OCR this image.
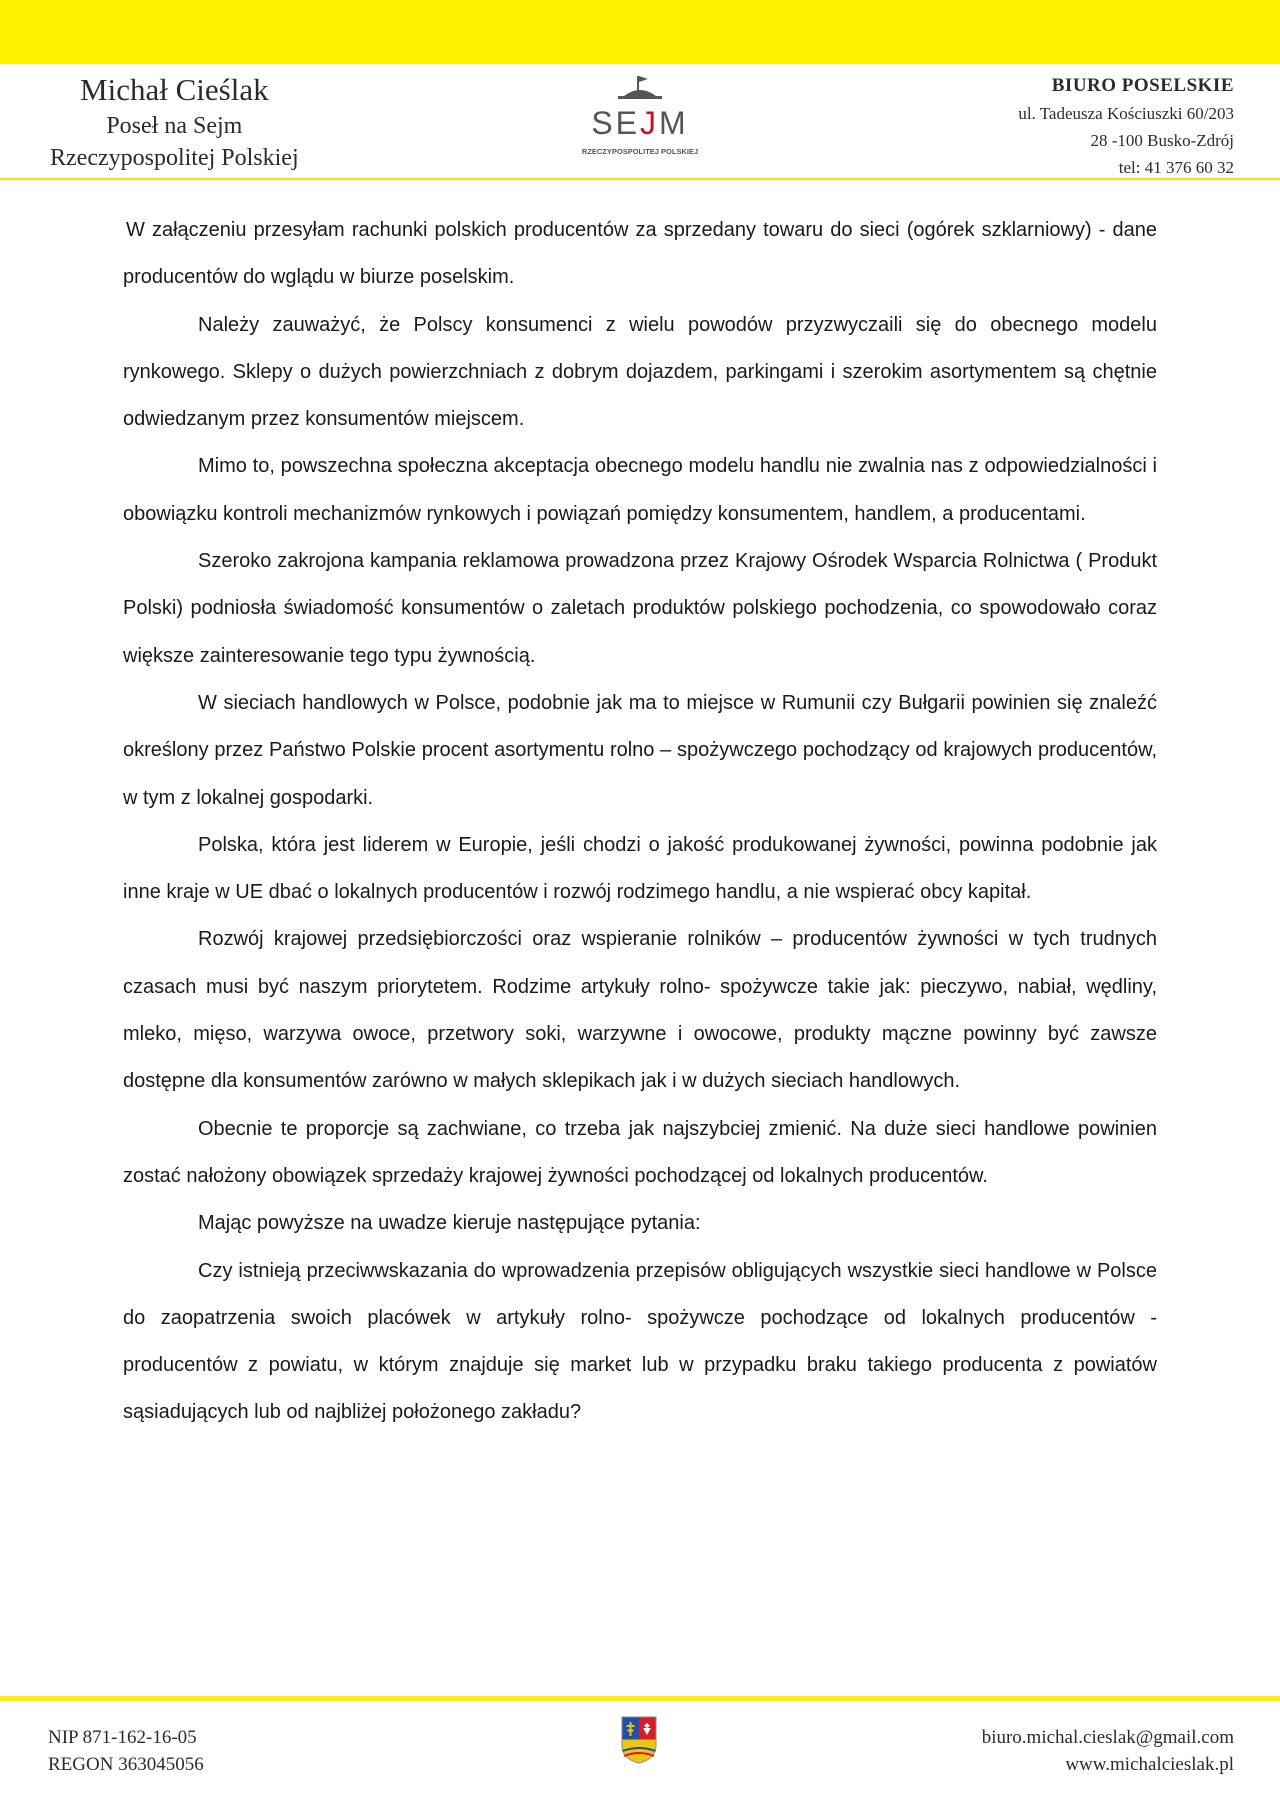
Michał Cieślak
Poseł na Sejm
Rzeczypospolitej Polskiej
SEJM
RZECZYPOSPOLITEJ POLSKIEJ
BIURO POSELSKIE
ul. Tadeusza Kościuszki 60/203
28 -100 Busko-Zdrój
tel: 41 376 60 32

W załączeniu przesyłam rachunki polskich producentów za sprzedany towaru do sieci (ogórek szklarniowy) - dane producentów do wglądu w biurze poselskim.

Należy zauważyć, że Polscy konsumenci z wielu powodów przyzwyczaili się do obecnego modelu rynkowego. Sklepy o dużych powierzchniach z dobrym dojazdem, parkingami i szerokim asortymentem są chętnie odwiedzanym przez konsumentów miejscem.

Mimo to, powszechna społeczna akceptacja obecnego modelu handlu nie zwalnia nas z odpowiedzialności i obowiązku kontroli mechanizmów rynkowych i powiązań pomiędzy konsumentem, handlem, a producentami.

Szeroko zakrojona kampania reklamowa prowadzona przez Krajowy Ośrodek Wsparcia Rolnictwa ( Produkt Polski) podniosła świadomość konsumentów o zaletach produktów polskiego pochodzenia, co spowodowało coraz większe zainteresowanie tego typu żywnością.

W sieciach handlowych w Polsce, podobnie jak ma to miejsce w Rumunii czy Bułgarii powinien się znaleźć określony przez Państwo Polskie procent asortymentu rolno – spożywczego pochodzący od krajowych producentów, w tym z lokalnej gospodarki.

Polska, która jest liderem w Europie, jeśli chodzi o jakość produkowanej żywności, powinna podobnie jak inne kraje w UE dbać o lokalnych producentów i rozwój rodzimego handlu, a nie wspierać obcy kapitał.

Rozwój krajowej przedsiębiorczości oraz wspieranie rolników – producentów żywności w tych trudnych czasach musi być naszym priorytetem. Rodzime artykuły rolno- spożywcze takie jak: pieczywo, nabiał, wędliny, mleko, mięso, warzywa owoce, przetwory soki, warzywne i owocowe, produkty mączne powinny być zawsze dostępne dla konsumentów zarówno w małych sklepikach jak i w dużych sieciach handlowych.

Obecnie te proporcje są zachwiane, co trzeba jak najszybciej zmienić. Na duże sieci handlowe powinien zostać nałożony obowiązek sprzedaży krajowej żywności pochodzącej od lokalnych producentów.

Mając powyższe na uwadze kieruje następujące pytania:

Czy istnieją przeciwwskazania do wprowadzenia przepisów obligujących wszystkie sieci handlowe w Polsce do zaopatrzenia swoich placówek w artykuły rolno- spożywcze pochodzące od lokalnych producentów - producentów z powiatu, w którym znajduje się market lub w przypadku braku takiego producenta z powiatów sąsiadujących lub od najbliżej położonego zakładu?

NIP 871-162-16-05
REGON 363045056
biuro.michal.cieslak@gmail.com
www.michalcieslak.pl
